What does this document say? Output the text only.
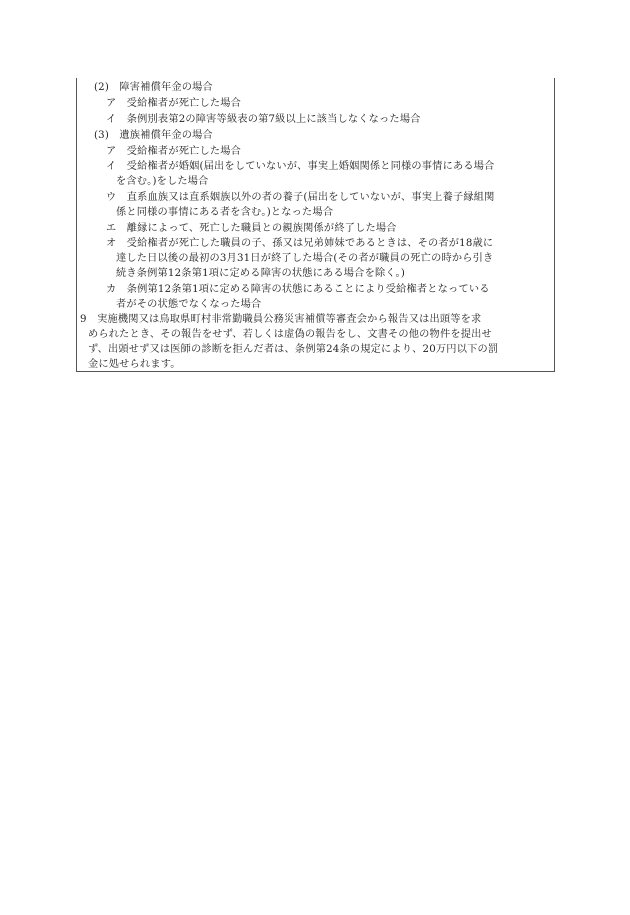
(2)　障害補償年金の場合
ア　受給権者が死亡した場合
イ　条例別表第2の障害等級表の第7級以上に該当しなくなった場合
(3)　遺族補償年金の場合
ア　受給権者が死亡した場合
イ　受給権者が婚姻(届出をしていないが、事実上婚姻関係と同様の事情にある場合
を含む。)をした場合
ウ　直系血族又は直系姻族以外の者の養子(届出をしていないが、事実上養子縁組関
係と同様の事情にある者を含む。)となった場合
エ　離縁によって、死亡した職員との親族関係が終了した場合
オ　受給権者が死亡した職員の子、孫又は兄弟姉妹であるときは、その者が18歳に
達した日以後の最初の3月31日が終了した場合(その者が職員の死亡の時から引き
続き条例第12条第1項に定める障害の状態にある場合を除く。)
カ　条例第12条第1項に定める障害の状態にあることにより受給権者となっている
者がその状態でなくなった場合
9　実施機関又は鳥取県町村非常勤職員公務災害補償等審査会から報告又は出頭等を求
められたとき、その報告をせず、若しくは虚偽の報告をし、文書その他の物件を提出せ
ず、出頭せず又は医師の診断を拒んだ者は、条例第24条の規定により、20万円以下の罰
金に処せられます。
